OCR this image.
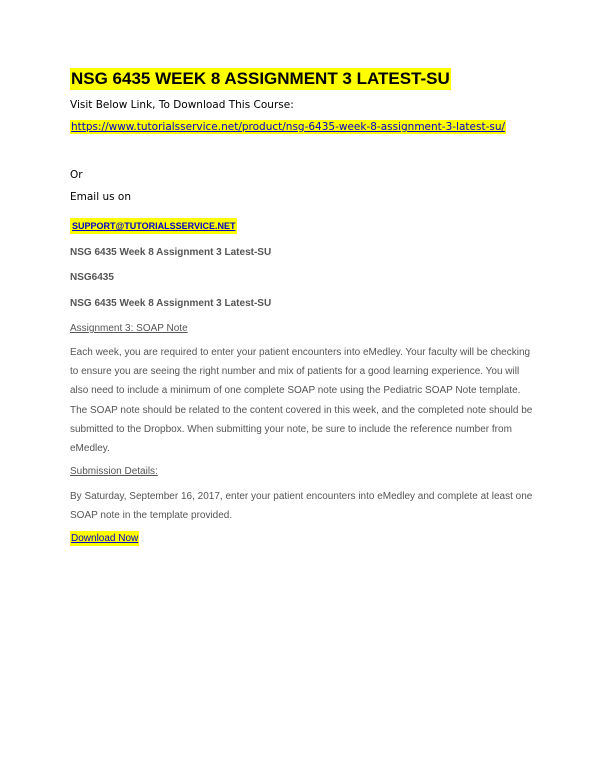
NSG 6435 WEEK 8 ASSIGNMENT 3 LATEST-SU
Visit Below Link, To Download This Course:
https://www.tutorialsservice.net/product/nsg-6435-week-8-assignment-3-latest-su/
Or
Email us on
SUPPORT@TUTORIALSSERVICE.NET
NSG 6435 Week 8 Assignment 3 Latest-SU
NSG6435
NSG 6435 Week 8 Assignment 3 Latest-SU
Assignment 3: SOAP Note

Each week, you are required to enter your patient encounters into eMedley. Your faculty will be checking to ensure you are seeing the right number and mix of patients for a good learning experience. You will also need to include a minimum of one complete SOAP note using the Pediatric SOAP Note template. The SOAP note should be related to the content covered in this week, and the completed note should be submitted to the Dropbox. When submitting your note, be sure to include the reference number from eMedley.

Submission Details:

By Saturday, September 16, 2017, enter your patient encounters into eMedley and complete at least one SOAP note in the template provided.

Download Now
